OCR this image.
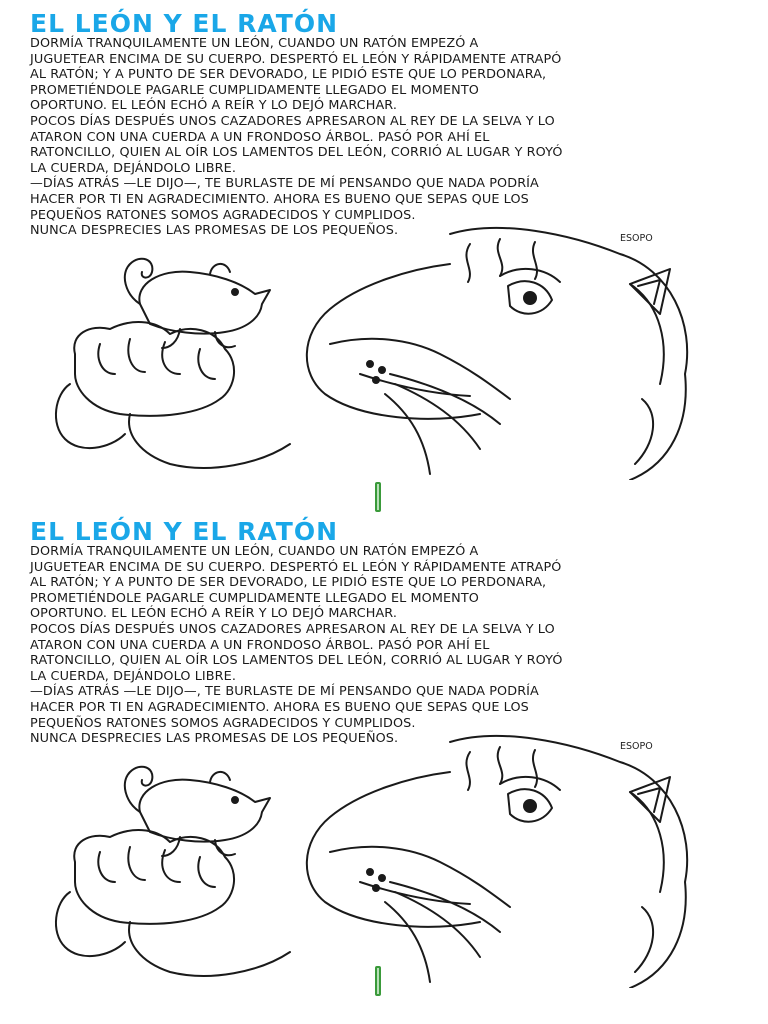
EL LEÓN Y EL RATÓN

DORMÍA TRANQUILAMENTE UN LEÓN, CUANDO UN RATÓN EMPEZÓ A

JUGUETEAR ENCIMA DE SU CUERPO. DESPERTÓ EL LEÓN Y RÁPIDAMENTE ATRAPÓ

AL RATÓN; Y A PUNTO DE SER DEVORADO, LE PIDIÓ ESTE QUE LO PERDONARA,

PROMETIÉNDOLE PAGARLE CUMPLIDAMENTE LLEGADO EL MOMENTO

OPORTUNO. EL LEÓN ECHÓ A REÍR Y LO DEJÓ MARCHAR.

POCOS DÍAS DESPUÉS UNOS CAZADORES APRESARON AL REY DE LA SELVA Y LO

ATARON CON UNA CUERDA A UN FRONDOSO ÁRBOL. PASÓ POR AHÍ EL

RATONCILLO, QUIEN AL OÍR LOS LAMENTOS DEL LEÓN, CORRIÓ AL LUGAR Y ROYÓ

LA CUERDA, DEJÁNDOLO LIBRE.

—DÍAS ATRÁS —LE DIJO—, TE BURLASTE DE MÍ PENSANDO QUE NADA PODRÍA

HACER POR TI EN AGRADECIMIENTO. AHORA ES BUENO QUE SEPAS QUE LOS

PEQUEÑOS RATONES SOMOS AGRADECIDOS Y CUMPLIDOS.

NUNCA DESPRECIES LAS PROMESAS DE LOS PEQUEÑOS.

ESOPO
EL LEÓN Y EL RATÓN

DORMÍA TRANQUILAMENTE UN LEÓN, CUANDO UN RATÓN EMPEZÓ A

JUGUETEAR ENCIMA DE SU CUERPO. DESPERTÓ EL LEÓN Y RÁPIDAMENTE ATRAPÓ

AL RATÓN; Y A PUNTO DE SER DEVORADO, LE PIDIÓ ESTE QUE LO PERDONARA,

PROMETIÉNDOLE PAGARLE CUMPLIDAMENTE LLEGADO EL MOMENTO

OPORTUNO. EL LEÓN ECHÓ A REÍR Y LO DEJÓ MARCHAR.

POCOS DÍAS DESPUÉS UNOS CAZADORES APRESARON AL REY DE LA SELVA Y LO

ATARON CON UNA CUERDA A UN FRONDOSO ÁRBOL. PASÓ POR AHÍ EL

RATONCILLO, QUIEN AL OÍR LOS LAMENTOS DEL LEÓN, CORRIÓ AL LUGAR Y ROYÓ

LA CUERDA, DEJÁNDOLO LIBRE.

—DÍAS ATRÁS —LE DIJO—, TE BURLASTE DE MÍ PENSANDO QUE NADA PODRÍA

HACER POR TI EN AGRADECIMIENTO. AHORA ES BUENO QUE SEPAS QUE LOS

PEQUEÑOS RATONES SOMOS AGRADECIDOS Y CUMPLIDOS.

NUNCA DESPRECIES LAS PROMESAS DE LOS PEQUEÑOS.

ESOPO
